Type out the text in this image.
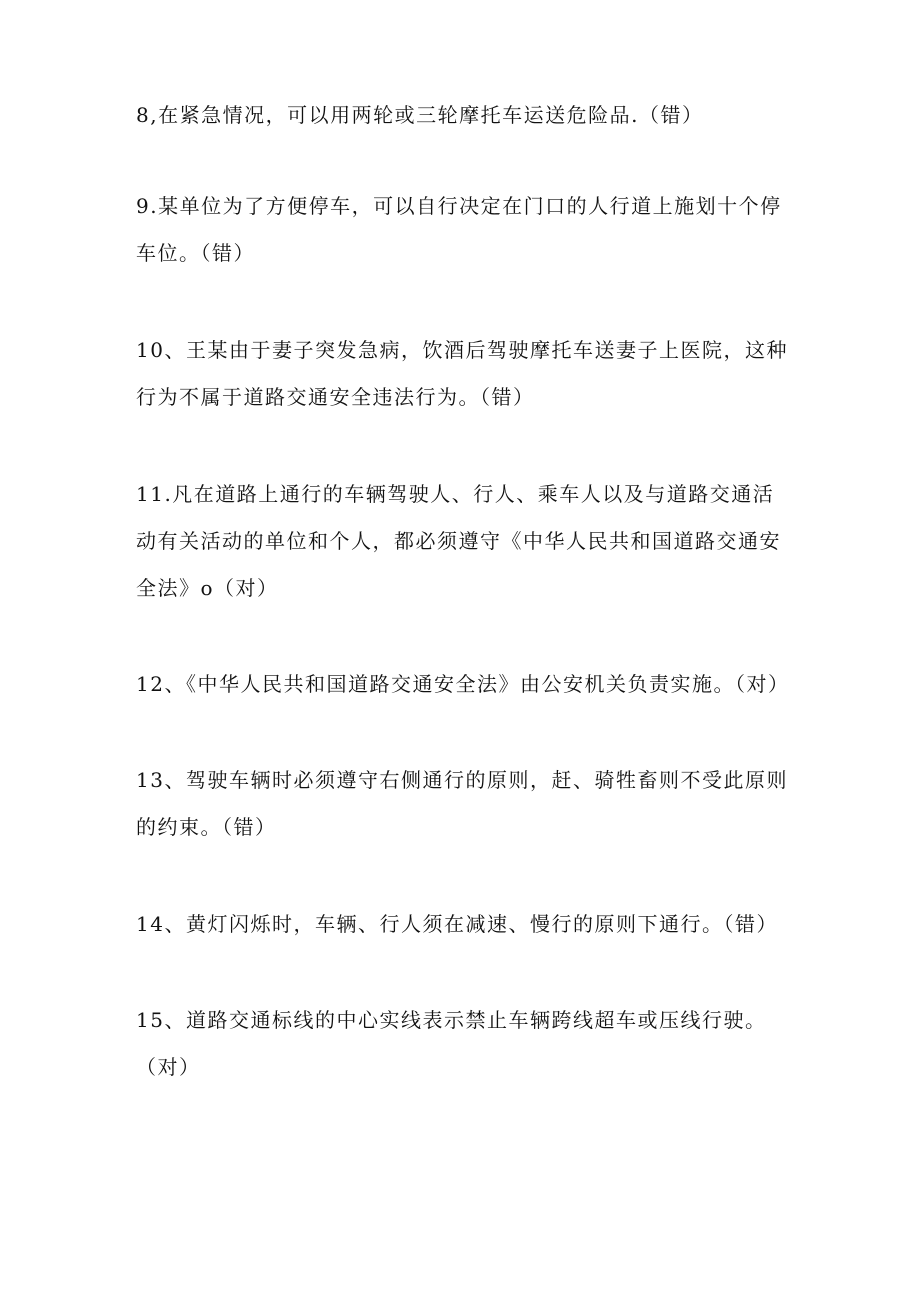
8,在紧急情况，可以用两轮或三轮摩托车运送危险品.（错）

9.某单位为了方便停车，可以自行决定在门口的人行道上施划十个停
车位。（错）

10、王某由于妻子突发急病，饮酒后驾驶摩托车送妻子上医院，这种
行为不属于道路交通安全违法行为。（错）

11.凡在道路上通行的车辆驾驶人、行人、乘车人以及与道路交通活
动有关活动的单位和个人，都必须遵守《中华人民共和国道路交通安
全法》o（对）

12、《中华人民共和国道路交通安全法》由公安机关负责实施。（对）

13、驾驶车辆时必须遵守右侧通行的原则，赶、骑牲畜则不受此原则
的约束。（错）

14、黄灯闪烁时，车辆、行人须在减速、慢行的原则下通行。（错）

15、道路交通标线的中心实线表示禁止车辆跨线超车或压线行驶。
（对）
